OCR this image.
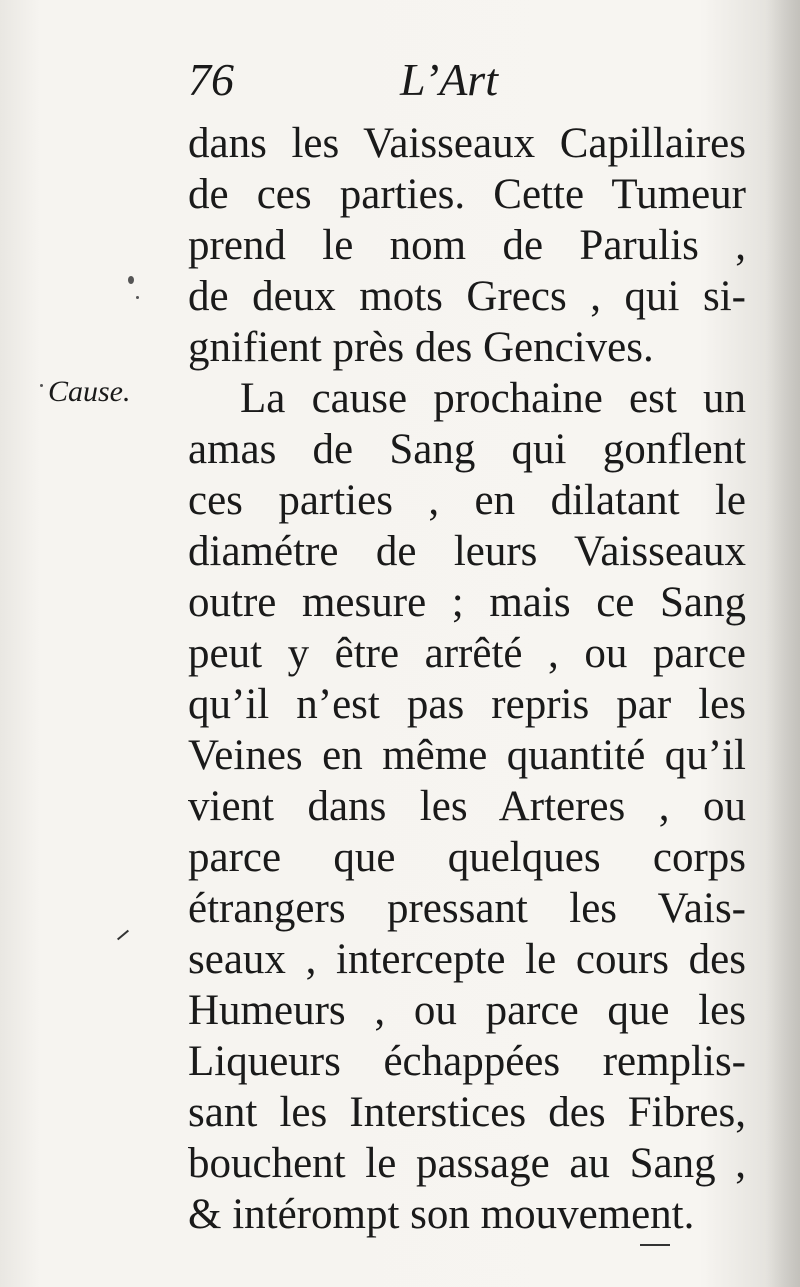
76	L’Art
Cause.
dans les Vaisseaux Capillaires
de ces parties. Cette Tumeur
prend le nom de Parulis ,
de deux mots Grecs , qui si-
gnifient près des Gencives.
La cause prochaine est un
amas de Sang qui gonflent
ces parties , en dilatant le
diamétre de leurs Vaisseaux
outre mesure ; mais ce Sang
peut y être arrêté , ou parce
qu’il n’est pas repris par les
Veines en même quantité qu’il
vient dans les Arteres , ou
parce que quelques corps
étrangers pressant les Vais-
seaux , intercepte le cours des
Humeurs , ou parce que les
Liqueurs échappées remplis-
sant les Interstices des Fibres,
bouchent le passage au Sang ,
& intérompt son mouvement.
